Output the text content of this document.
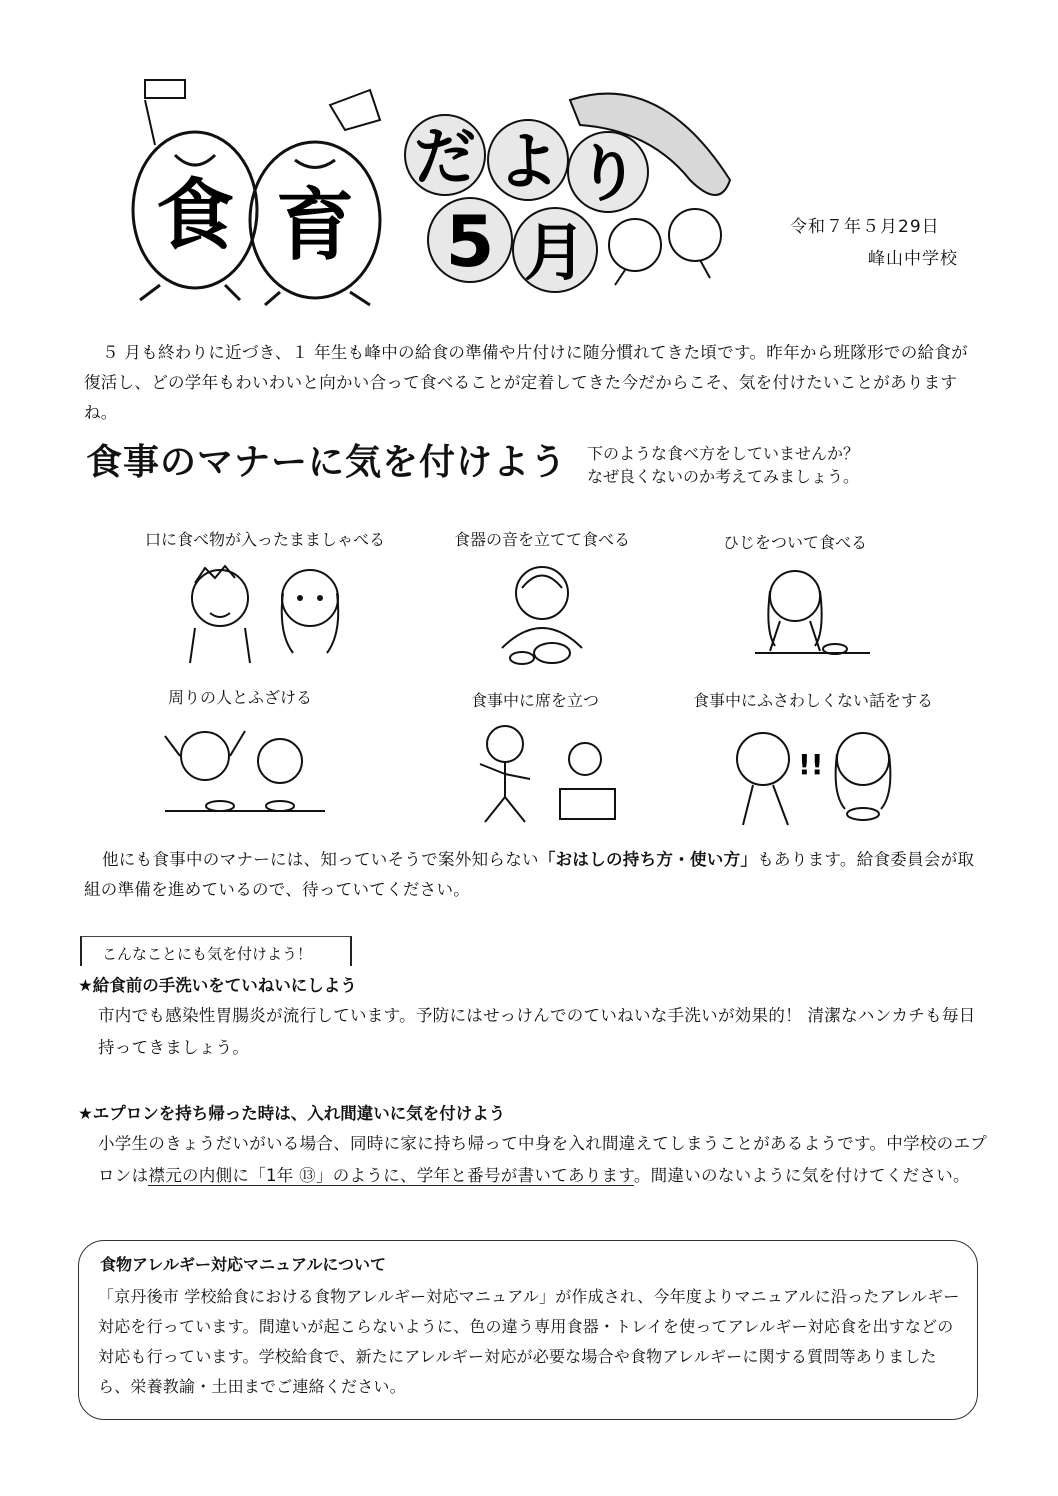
食 育
だ よ り
5 月	令和７年５月29日
峰山中学校

５ 月も終わりに近づき、１ 年生も峰中の給食の準備や片付けに随分慣れてきた頃です。昨年から班隊形での給食が復活し、どの学年もわいわいと向かい合って食べることが定着してきた今だからこそ、気を付けたいことがありますね。

食事のマナーに気を付けよう 下のような食べ方をしていませんか？
なぜ良くないのか考えてみましょう。
口に食べ物が入ったまましゃべる	食器の音を立てて食べる	ひじをついて食べる
周りの人とふざける	食事中に席を立つ	食事中にふさわしくない話をする
!!

他にも食事中のマナーには、知っていそうで案外知らない「おはしの持ち方・使い方」もあります。給食委員会が取組の準備を進めているので、待っていてください。

こんなことにも気を付けよう！
★給食前の手洗いをていねいにしよう
市内でも感染性胃腸炎が流行しています。予防にはせっけんでのていねいな手洗いが効果的！ 清潔なハンカチも毎日持ってきましょう。
★エプロンを持ち帰った時は、入れ間違いに気を付けよう
小学生のきょうだいがいる場合、同時に家に持ち帰って中身を入れ間違えてしまうことがあるようです。中学校のエプロンは襟元の内側に「1年 ⑬」のように、学年と番号が書いてあります。間違いのないように気を付けてください。
食物アレルギー対応マニュアルについて
「京丹後市 学校給食における食物アレルギー対応マニュアル」が作成され、今年度よりマニュアルに沿ったアレルギー対応を行っています。間違いが起こらないように、色の違う専用食器・トレイを使ってアレルギー対応食を出すなどの対応も行っています。学校給食で、新たにアレルギー対応が必要な場合や食物アレルギーに関する質問等ありましたら、栄養教諭・土田までご連絡ください。
